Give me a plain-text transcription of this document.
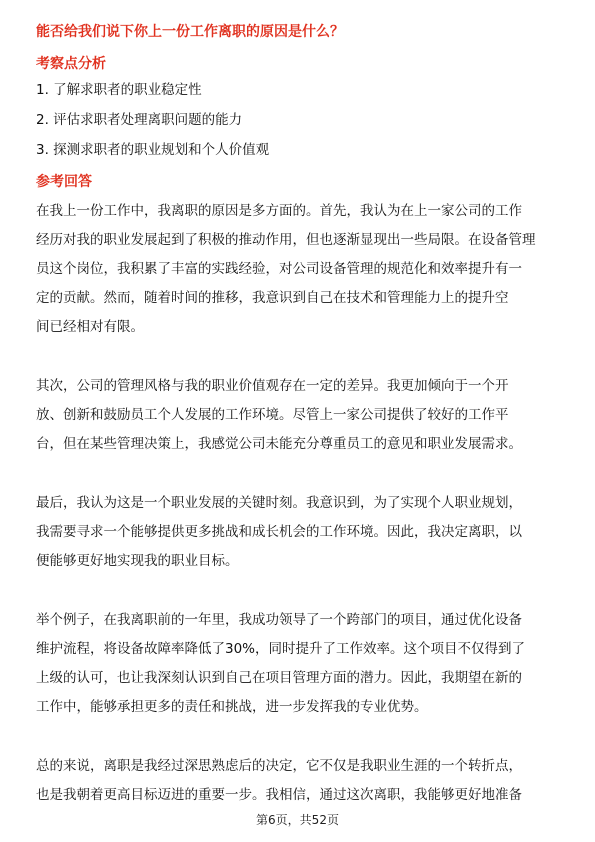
能否给我们说下你上一份工作离职的原因是什么？
考察点分析
1. 了解求职者的职业稳定性
2. 评估求职者处理离职问题的能力
3. 探测求职者的职业规划和个人价值观
参考回答

在我上一份工作中，我离职的原因是多方面的。首先，我认为在上一家公司的工作
经历对我的职业发展起到了积极的推动作用，但也逐渐显现出一些局限。在设备管理
员这个岗位，我积累了丰富的实践经验，对公司设备管理的规范化和效率提升有一
定的贡献。然而，随着时间的推移，我意识到自己在技术和管理能力上的提升空
间已经相对有限。

其次，公司的管理风格与我的职业价值观存在一定的差异。我更加倾向于一个开
放、创新和鼓励员工个人发展的工作环境。尽管上一家公司提供了较好的工作平
台，但在某些管理决策上，我感觉公司未能充分尊重员工的意见和职业发展需求。

最后，我认为这是一个职业发展的关键时刻。我意识到，为了实现个人职业规划，
我需要寻求一个能够提供更多挑战和成长机会的工作环境。因此，我决定离职，以
便能够更好地实现我的职业目标。

举个例子，在我离职前的一年里，我成功领导了一个跨部门的项目，通过优化设备
维护流程，将设备故障率降低了30%，同时提升了工作效率。这个项目不仅得到了
上级的认可，也让我深刻认识到自己在项目管理方面的潜力。因此，我期望在新的
工作中，能够承担更多的责任和挑战，进一步发挥我的专业优势。

总的来说，离职是我经过深思熟虑后的决定，它不仅是我职业生涯的一个转折点，
也是我朝着更高目标迈进的重要一步。我相信，通过这次离职，我能够更好地准备

第6页，共52页
